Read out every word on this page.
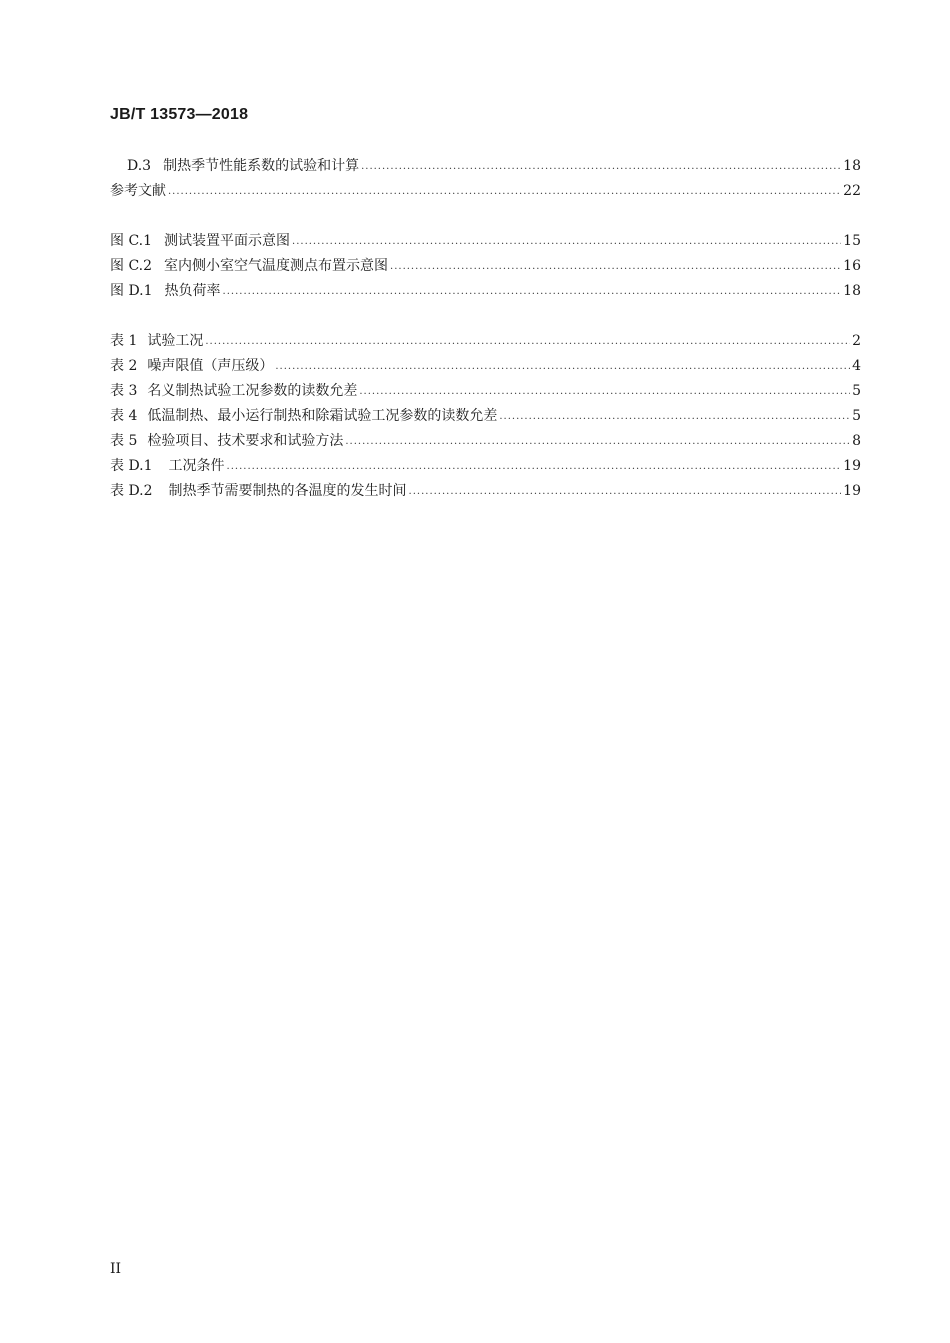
JB/T 13573—2018
D.3 制热季节性能系数的试验和计算 .....	18
参考文献 .....	22
图 C.1 测试装置平面示意图 .....	15
图 C.2 室内侧小室空气温度测点布置示意图 .....	16
图 D.1 热负荷率 .....	18
表 1 试验工况 .....	2
表 2 噪声限值（声压级） .....	4
表 3 名义制热试验工况参数的读数允差 .....	5
表 4 低温制热、最小运行制热和除霜试验工况参数的读数允差 .....	5
表 5 检验项目、技术要求和试验方法 .....	8
表 D.1 工况条件 .....	19
表 D.2 制热季节需要制热的各温度的发生时间 .....	19
II
